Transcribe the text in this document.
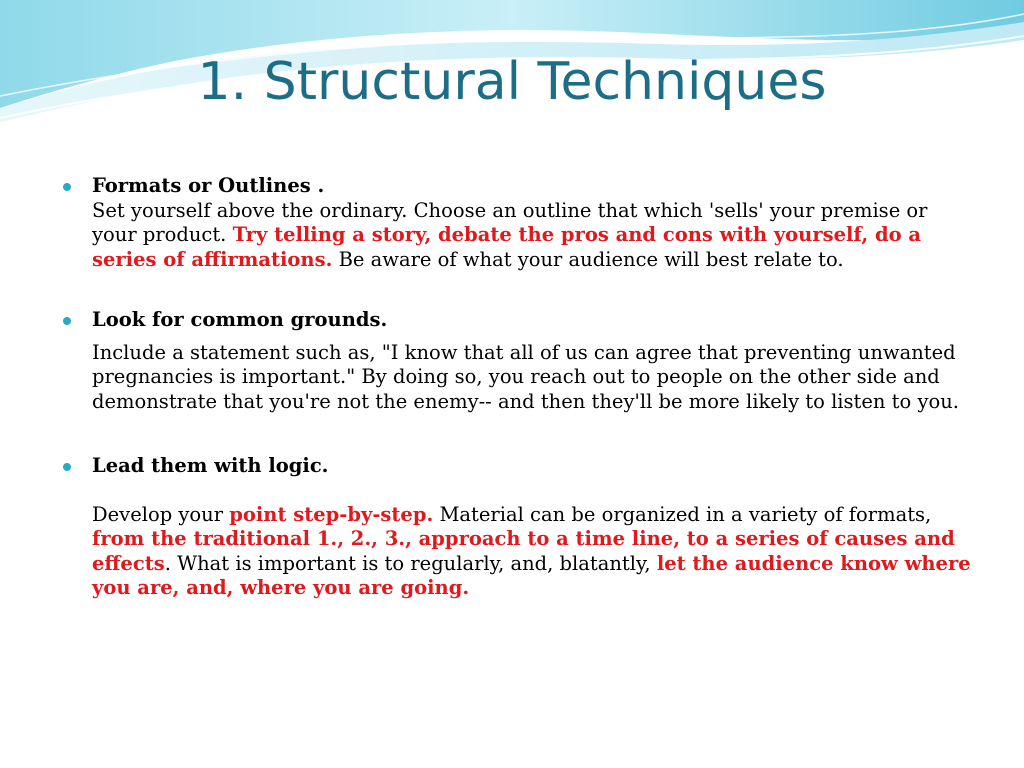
1. Structural Techniques

Formats or Outlines .

Set yourself above the ordinary. Choose an outline that which 'sells' your premise or your product. Try telling a story, debate the pros and cons with yourself, do a series of affirmations. Be aware of what your audience will best relate to.

Look for common grounds.

Include a statement such as, "I know that all of us can agree that preventing unwanted pregnancies is important." By doing so, you reach out to people on the other side and demonstrate that you're not the enemy-- and then they'll be more likely to listen to you.

Lead them with logic.

Develop your point step-by-step. Material can be organized in a variety of formats, from the traditional 1., 2., 3., approach to a time line, to a series of causes and effects. What is important is to regularly, and, blatantly, let the audience know where you are, and, where you are going.
